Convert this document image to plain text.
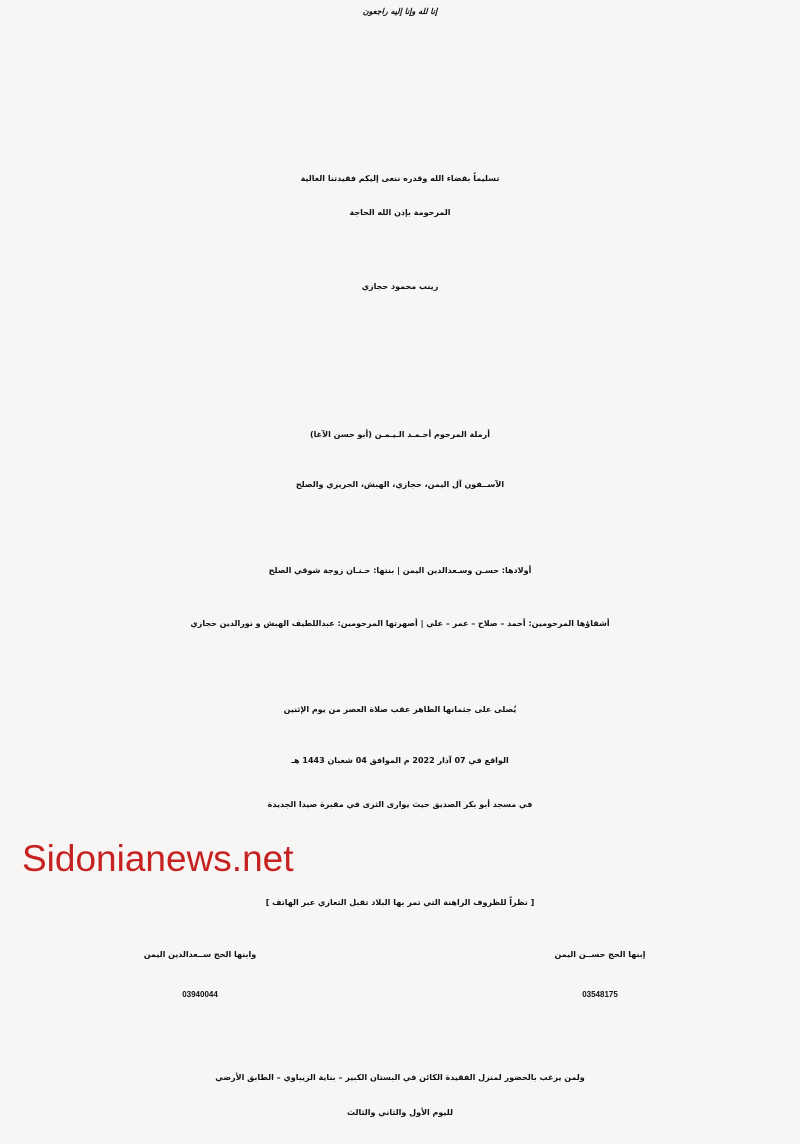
إنا لله وإنا إليه راجعون
تسليماً بقضاء الله وقدره ننعى إليكم فقيدتنا الغالية
المرحومة بإذن الله الحاجة
زينب محمود حجازي
أرملة المرحوم أحـمـد الـيـمـن (أبو حسن الآغا)
الآســفون آل اليمن، حجازي، الهبش، الحريري والصلح
أولادها: حسـن وسـعدالدين اليمن | بنتها: حـنـان زوجة شوقي الصلح
أشقاؤها المرحومين: أحمد – صلاح – عمر – علي | أصهرتها المرحومين: عبداللطيف الهبش و نورالدين حجازي
يُصلى على جثمانها الطاهر عقب صلاة العصر من يوم الإثنين
الواقع في 07 آذار 2022 م الموافق 04 شعبان 1443 هـ
في مسجد أبو بكر الصديق حيث يوارى الثرى في مقبرة صيدا الجديدة
[ نظراً للظروف الراهنة التي تمر بها البلاد تقبل التعازي عبر الهاتف ]
إبنها الحج حســن اليمن
03548175
وابنها الحج ســعدالدين اليمن
03940044
ولمن يرغب بالحضور لمنزل الفقيدة الكائن في البستان الكبير – بناية الزيباوي – الطابق الأرضي
لليوم الأول والثاني والثالث
Sidonianews.net
